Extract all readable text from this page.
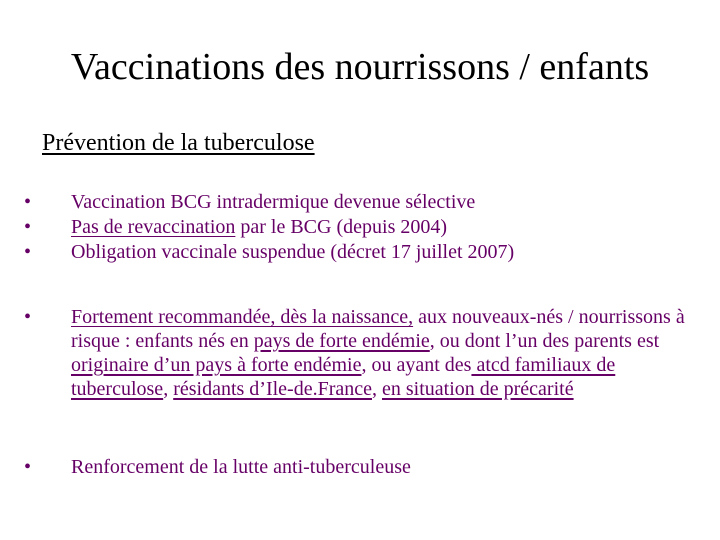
Vaccinations des nourrissons / enfants
Prévention de la tuberculose
• Vaccination BCG intradermique devenue sélective
• Pas de revaccination par le BCG (depuis 2004)
• Obligation vaccinale suspendue (décret 17 juillet 2007)
• Fortement recommandée, dès la naissance, aux nouveaux-nés / nourrissons à risque : enfants nés en pays de forte endémie, ou dont l’un des parents est originaire d’un pays à forte endémie, ou ayant des atcd familiaux de tuberculose, résidants d’Ile-de.France, en situation de précarité
• Renforcement de la lutte anti-tuberculeuse
